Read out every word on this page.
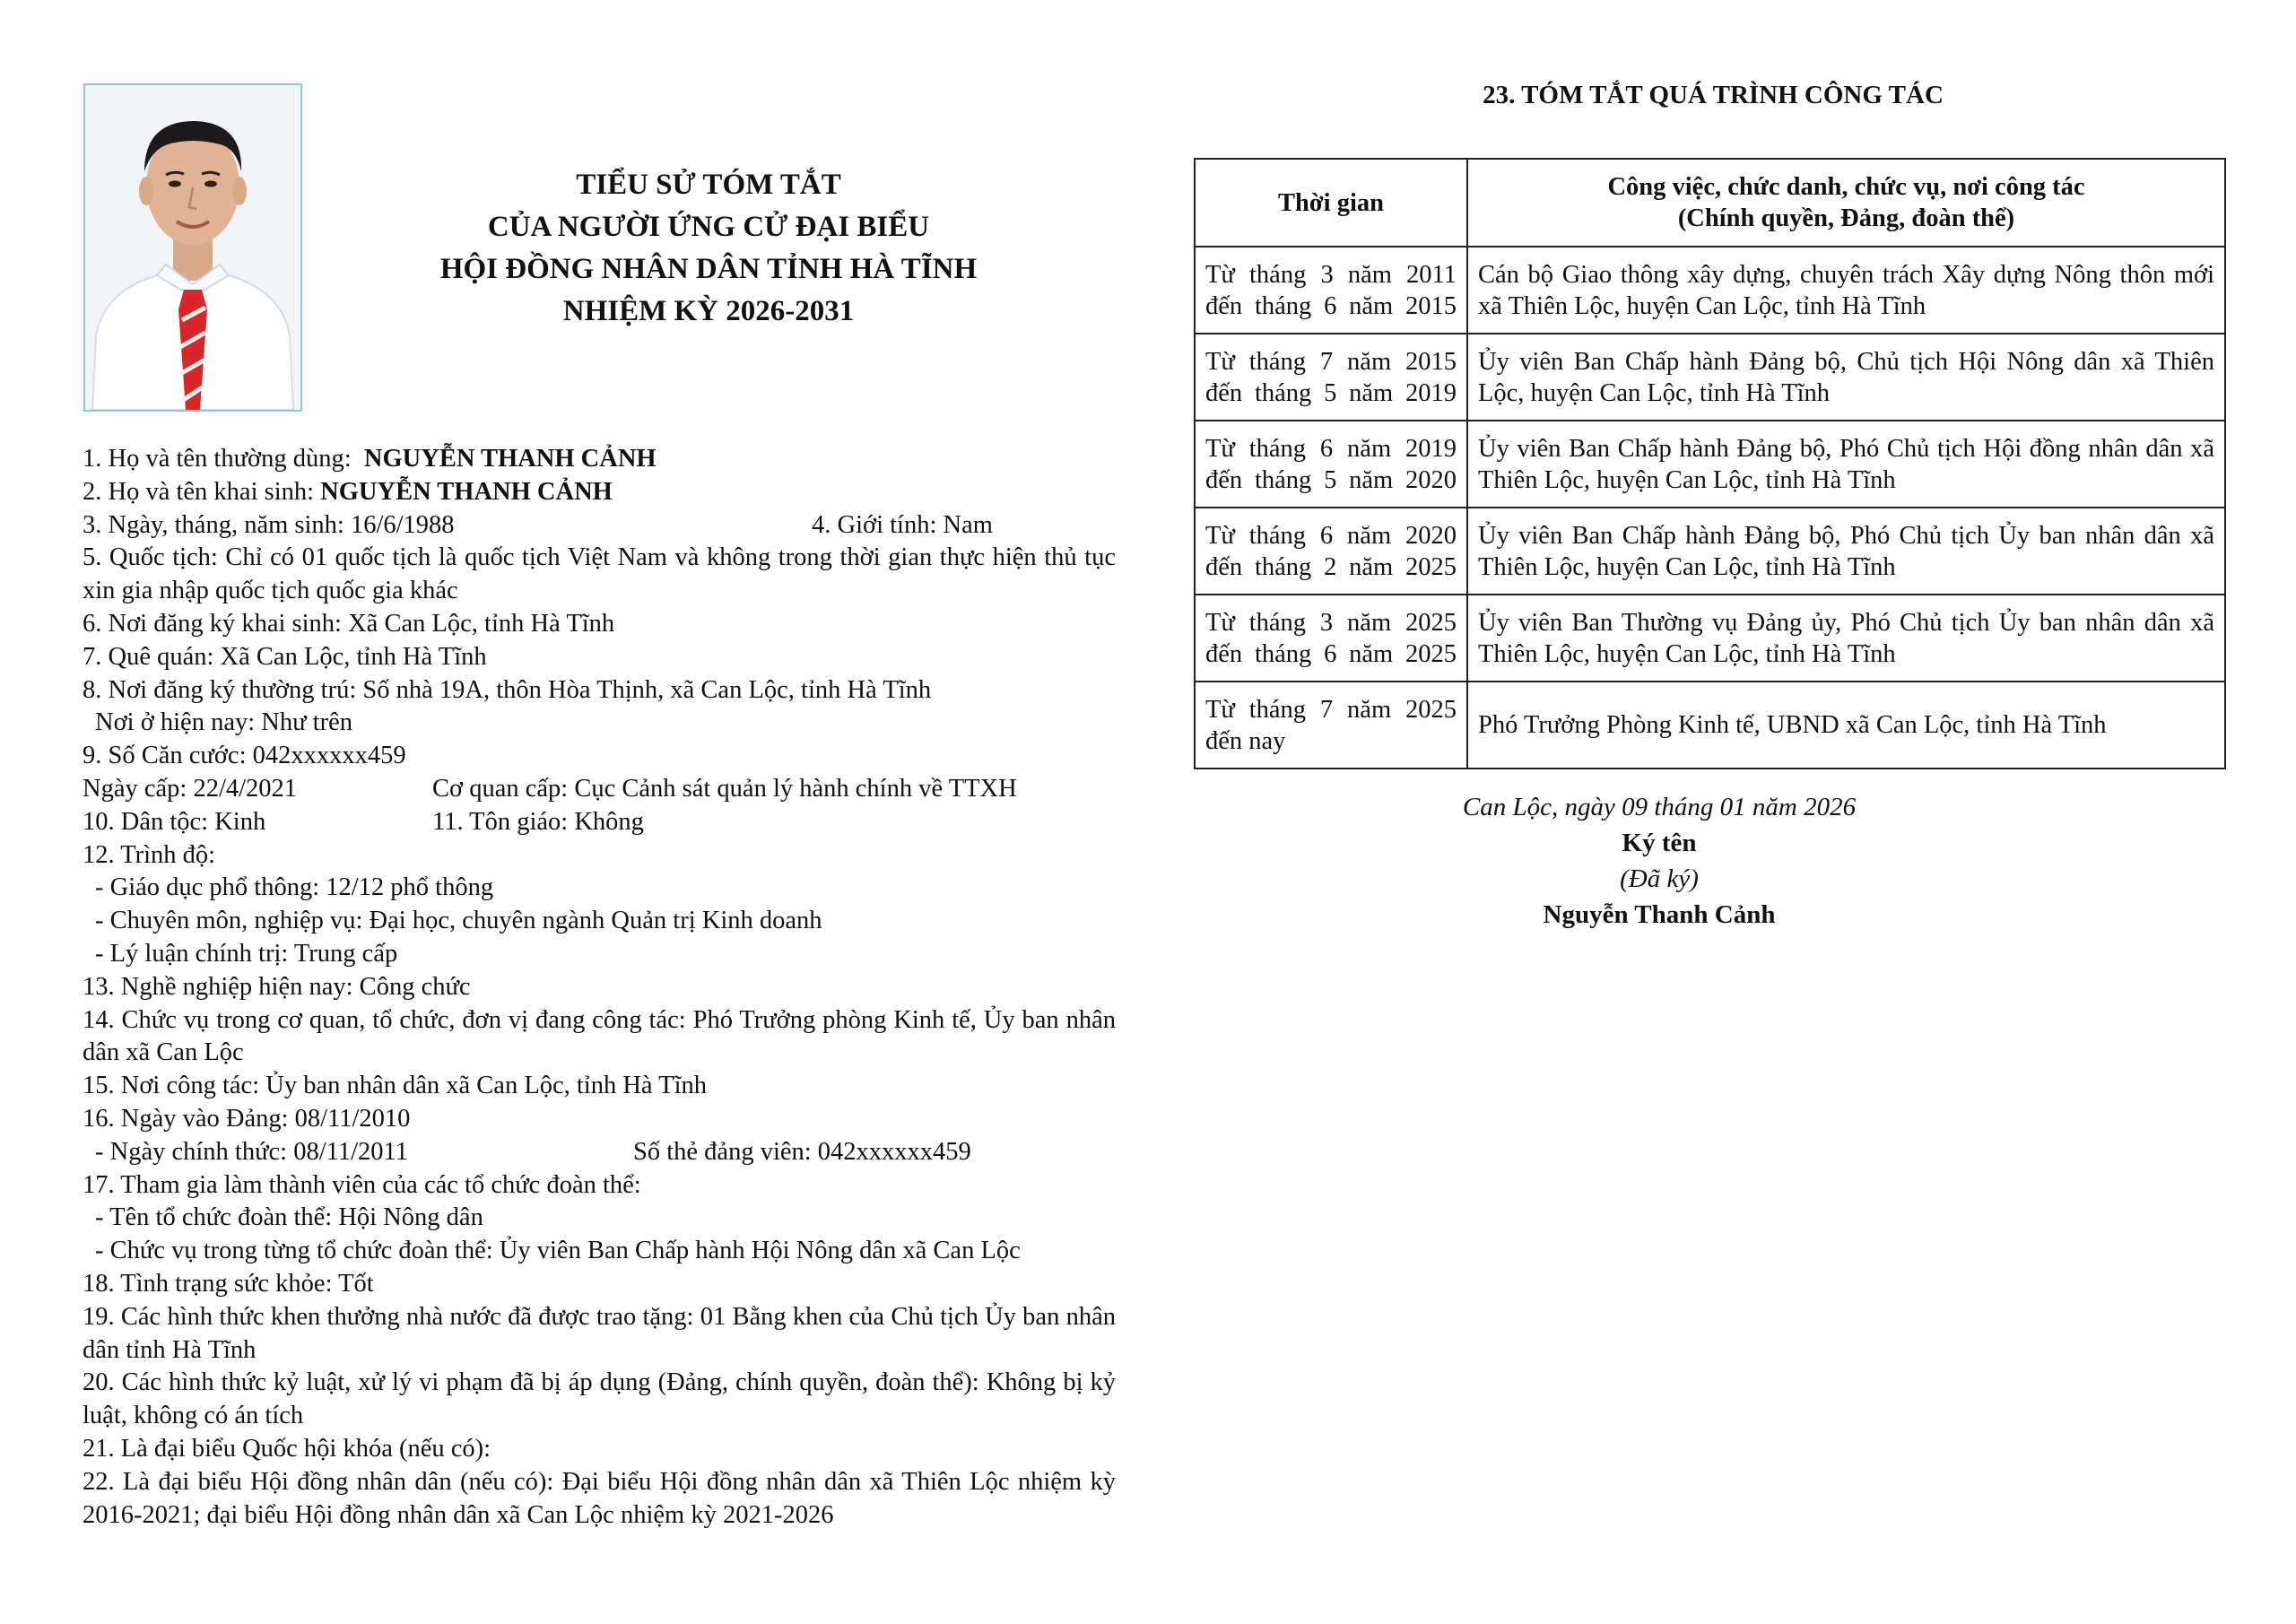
TIỂU SỬ TÓM TẮT
CỦA NGƯỜI ỨNG CỬ ĐẠI BIỂU
HỘI ĐỒNG NHÂN DÂN TỈNH HÀ TĨNH
NHIỆM KỲ 2026-2031
1. Họ và tên thường dùng: NGUYỄN THANH CẢNH
2. Họ và tên khai sinh: NGUYỄN THANH CẢNH
3. Ngày, tháng, năm sinh: 16/6/1988	4. Giới tính: Nam
5. Quốc tịch: Chỉ có 01 quốc tịch là quốc tịch Việt Nam và không trong thời gian thực hiện thủ tục xin gia nhập quốc tịch quốc gia khác
6. Nơi đăng ký khai sinh: Xã Can Lộc, tỉnh Hà Tĩnh
7. Quê quán: Xã Can Lộc, tỉnh Hà Tĩnh
8. Nơi đăng ký thường trú: Số nhà 19A, thôn Hòa Thịnh, xã Can Lộc, tỉnh Hà Tĩnh
Nơi ở hiện nay: Như trên
9. Số Căn cước: 042xxxxxx459
Ngày cấp: 22/4/2021	Cơ quan cấp: Cục Cảnh sát quản lý hành chính về TTXH
10. Dân tộc: Kinh	11. Tôn giáo: Không
12. Trình độ:
- Giáo dục phổ thông: 12/12 phổ thông
- Chuyên môn, nghiệp vụ: Đại học, chuyên ngành Quản trị Kinh doanh
- Lý luận chính trị: Trung cấp
13. Nghề nghiệp hiện nay: Công chức
14. Chức vụ trong cơ quan, tổ chức, đơn vị đang công tác: Phó Trưởng phòng Kinh tế, Ủy ban nhân dân xã Can Lộc
15. Nơi công tác: Ủy ban nhân dân xã Can Lộc, tỉnh Hà Tĩnh
16. Ngày vào Đảng: 08/11/2010
- Ngày chính thức: 08/11/2011	Số thẻ đảng viên: 042xxxxxx459
17. Tham gia làm thành viên của các tổ chức đoàn thể:
- Tên tổ chức đoàn thể: Hội Nông dân
- Chức vụ trong từng tổ chức đoàn thể: Ủy viên Ban Chấp hành Hội Nông dân xã Can Lộc
18. Tình trạng sức khỏe: Tốt
19. Các hình thức khen thưởng nhà nước đã được trao tặng: 01 Bằng khen của Chủ tịch Ủy ban nhân dân tỉnh Hà Tĩnh
20. Các hình thức kỷ luật, xử lý vi phạm đã bị áp dụng (Đảng, chính quyền, đoàn thể): Không bị kỷ luật, không có án tích
21. Là đại biểu Quốc hội khóa (nếu có):
22. Là đại biểu Hội đồng nhân dân (nếu có): Đại biểu Hội đồng nhân dân xã Thiên Lộc nhiệm kỳ 2016-2021; đại biểu Hội đồng nhân dân xã Can Lộc nhiệm kỳ 2021-2026
23. TÓM TẮT QUÁ TRÌNH CÔNG TÁC
Thời gian	Công việc, chức danh, chức vụ, nơi công tác
(Chính quyền, Đảng, đoàn thể)

Từ tháng 3 năm 2011
đến tháng 6 năm 2015	Cán bộ Giao thông xây dựng, chuyên trách Xây dựng Nông thôn mới xã Thiên Lộc, huyện Can Lộc, tỉnh Hà Tĩnh
Từ tháng 7 năm 2015
đến tháng 5 năm 2019	Ủy viên Ban Chấp hành Đảng bộ, Chủ tịch Hội Nông dân xã Thiên Lộc, huyện Can Lộc, tỉnh Hà Tĩnh
Từ tháng 6 năm 2019
đến tháng 5 năm 2020	Ủy viên Ban Chấp hành Đảng bộ, Phó Chủ tịch Hội đồng nhân dân xã Thiên Lộc, huyện Can Lộc, tỉnh Hà Tĩnh
Từ tháng 6 năm 2020
đến tháng 2 năm 2025	Ủy viên Ban Chấp hành Đảng bộ, Phó Chủ tịch Ủy ban nhân dân xã Thiên Lộc, huyện Can Lộc, tỉnh Hà Tĩnh
Từ tháng 3 năm 2025
đến tháng 6 năm 2025	Ủy viên Ban Thường vụ Đảng ủy, Phó Chủ tịch Ủy ban nhân dân xã Thiên Lộc, huyện Can Lộc, tỉnh Hà Tĩnh
Từ tháng 7 năm 2025
đến nay	Phó Trưởng Phòng Kinh tế, UBND xã Can Lộc, tỉnh Hà Tĩnh
Can Lộc, ngày 09 tháng 01 năm 2026
Ký tên
(Đã ký)
Nguyễn Thanh Cảnh
